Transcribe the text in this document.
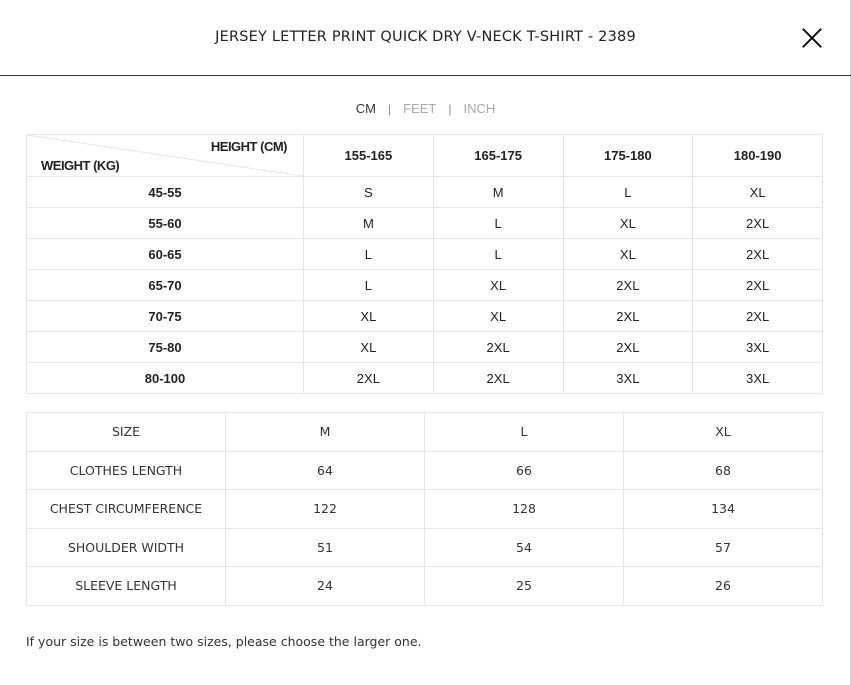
JERSEY LETTER PRINT QUICK DRY V-NECK T-SHIRT - 2389
CM | FEET | INCH
HEIGHT (CM)
WEIGHT (KG)	155-165	165-175	175-180	180-190
45-55	S	M	L	XL
55-60	M	L	XL	2XL
60-65	L	L	XL	2XL
65-70	L	XL	2XL	2XL
70-75	XL	XL	2XL	2XL
75-80	XL	2XL	2XL	3XL
80-100	2XL	2XL	3XL	3XL
SIZE	M	L	XL
CLOTHES LENGTH	64	66	68
CHEST CIRCUMFERENCE	122	128	134
SHOULDER WIDTH	51	54	57
SLEEVE LENGTH	24	25	26
If your size is between two sizes, please choose the larger one.
